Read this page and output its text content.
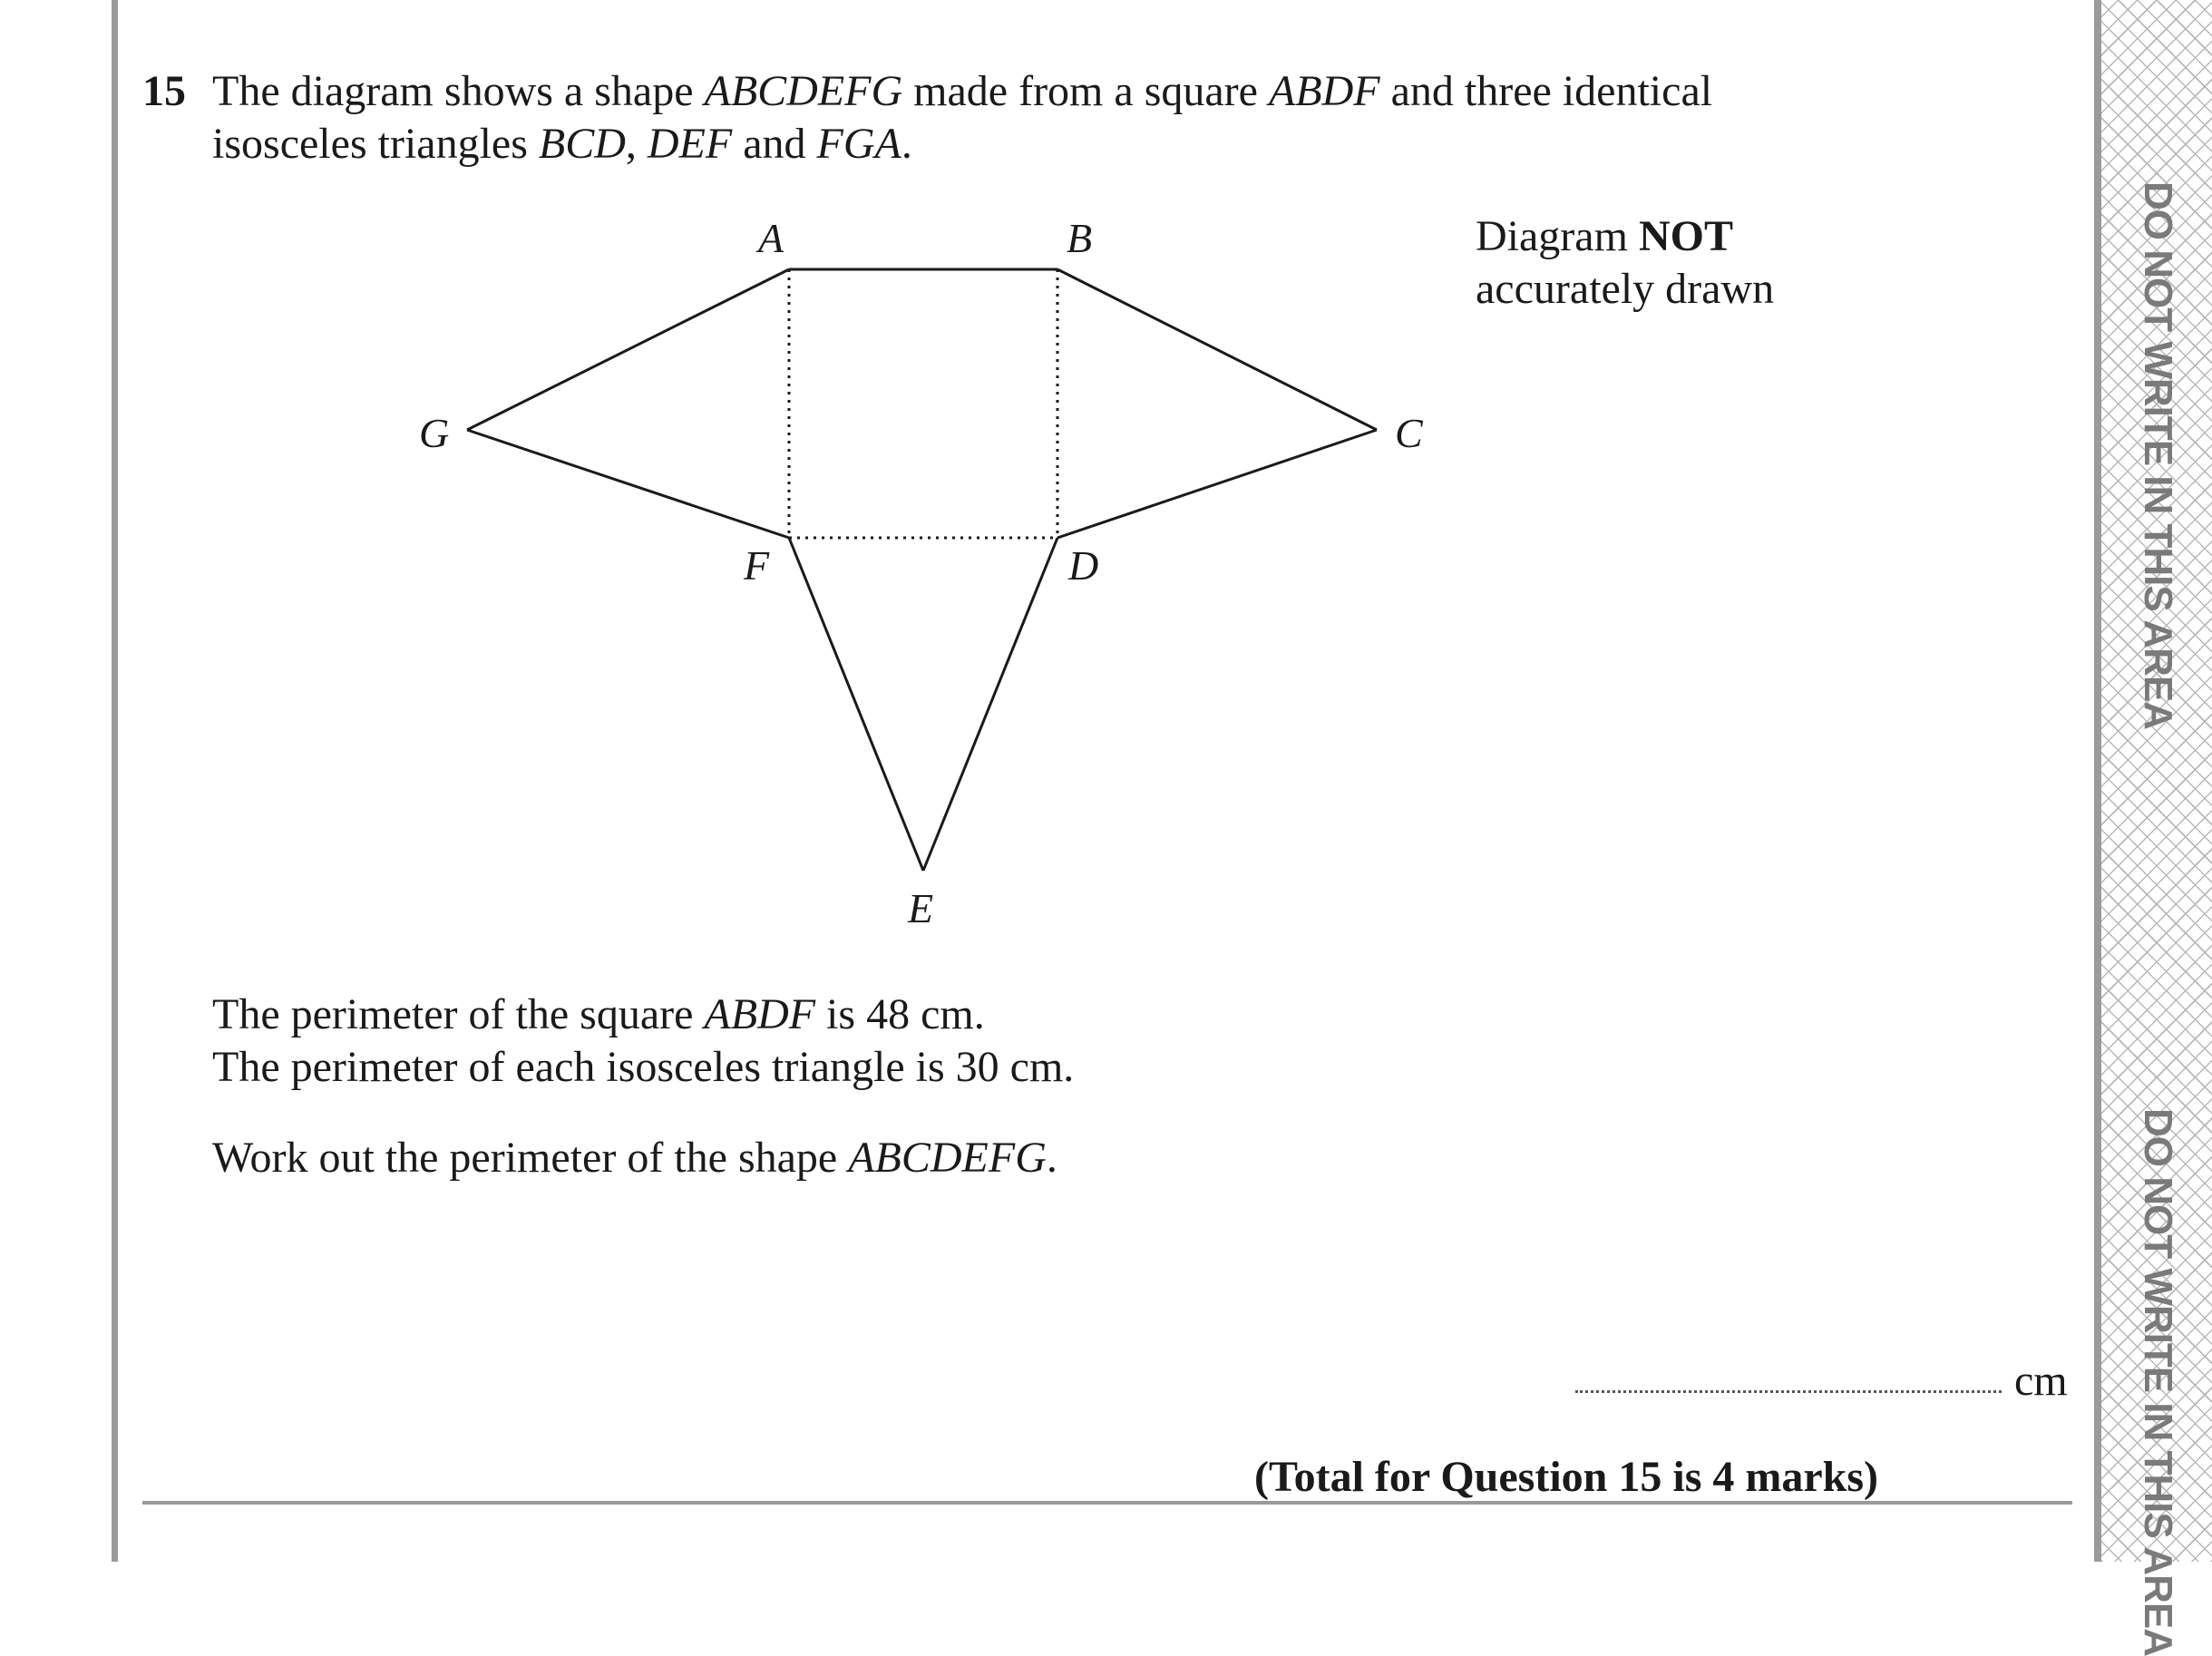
15 The diagram shows a shape ABCDEFG made from a square ABDF and three identical

isosceles triangles BCD, DEF and FGA.

A	B
C
D
E
F
G

Diagram NOT

accurately drawn

The perimeter of the square ABDF is 48 cm.

The perimeter of each isosceles triangle is 30 cm.

Work out the perimeter of the shape ABCDEFG.
cm
(Total for Question 15 is 4 marks)
DO NOT WRITE IN THIS AREA
DO NOT WRITE IN THIS AREA
